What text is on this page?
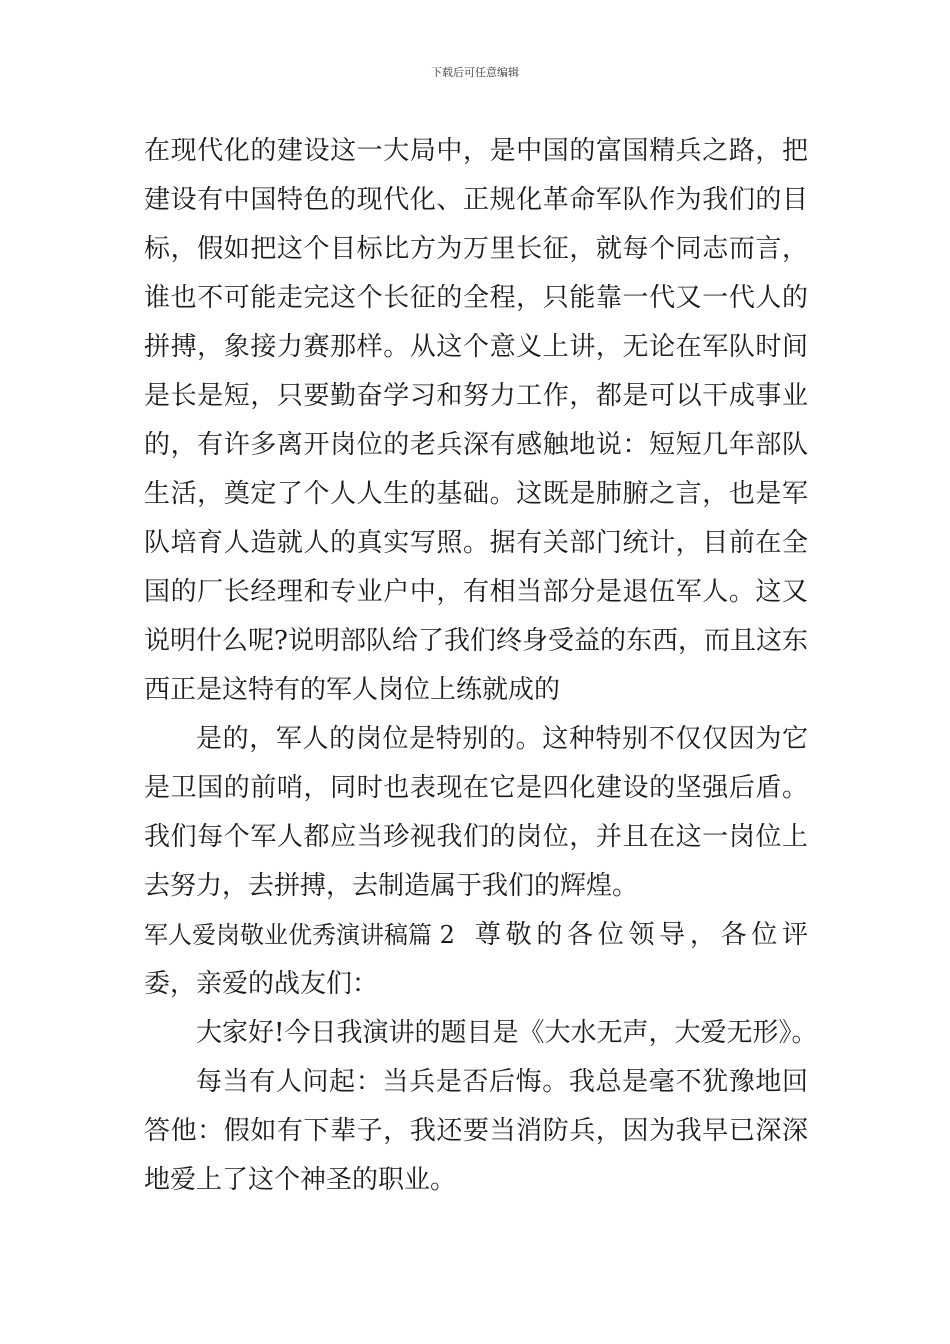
下载后可任意编辑
在现代化的建设这一大局中，是中国的富国精兵之路，把
建设有中国特色的现代化、正规化革命军队作为我们的目
标，假如把这个目标比方为万里长征，就每个同志而言，
谁也不可能走完这个长征的全程，只能靠一代又一代人的
拼搏，象接力赛那样。从这个意义上讲，无论在军队时间
是长是短，只要勤奋学习和努力工作，都是可以干成事业
的，有许多离开岗位的老兵深有感触地说：短短几年部队
生活，奠定了个人人生的基础。这既是肺腑之言，也是军
队培育人造就人的真实写照。据有关部门统计，目前在全
国的厂长经理和专业户中，有相当部分是退伍军人。这又
说明什么呢?说明部队给了我们终身受益的东西，而且这东
西正是这特有的军人岗位上练就成的
是的，军人的岗位是特别的。这种特别不仅仅因为它
是卫国的前哨，同时也表现在它是四化建设的坚强后盾。
我们每个军人都应当珍视我们的岗位，并且在这一岗位上
去努力，去拼搏，去制造属于我们的辉煌。
军人爱岗敬业优秀演讲稿篇 2 尊敬的各位领导，各位评
委，亲爱的战友们：
大家好!今日我演讲的题目是《大水无声，大爱无形》。
每当有人问起：当兵是否后悔。我总是毫不犹豫地回
答他：假如有下辈子，我还要当消防兵，因为我早已深深
地爱上了这个神圣的职业。
